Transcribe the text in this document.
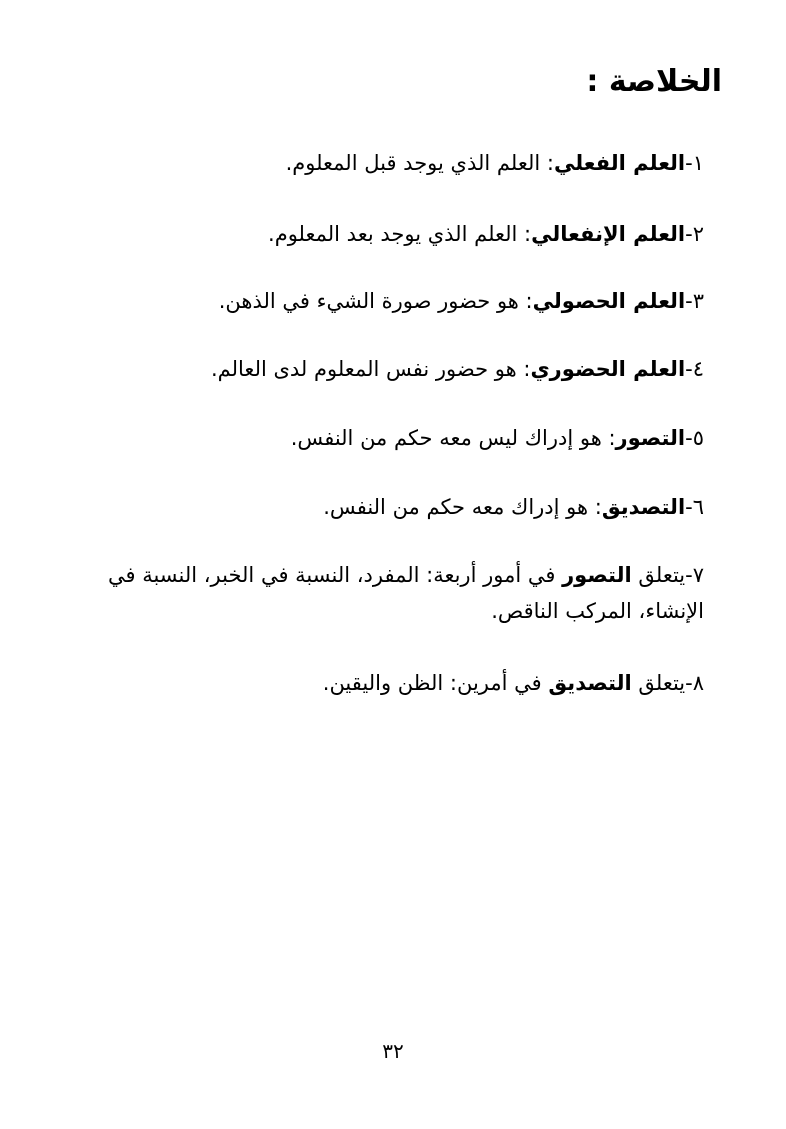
الخلاصة :
١-العلم الفعلي: العلم الذي يوجد قبل المعلوم.
٢-العلم الإنفعالي: العلم الذي يوجد بعد المعلوم.
٣-العلم الحصولي: هو حضور صورة الشيء في الذهن.
٤-العلم الحضوري: هو حضور نفس المعلوم لدى العالم.
٥-التصور: هو إدراك ليس معه حكم من النفس.
٦-التصديق: هو إدراك معه حكم من النفس.
٧-يتعلق التصور في أمور أربعة: المفرد، النسبة في الخبر، النسبة في الإنشاء، المركب الناقص.
٨-يتعلق التصديق في أمرين: الظن واليقين.
٣٢
